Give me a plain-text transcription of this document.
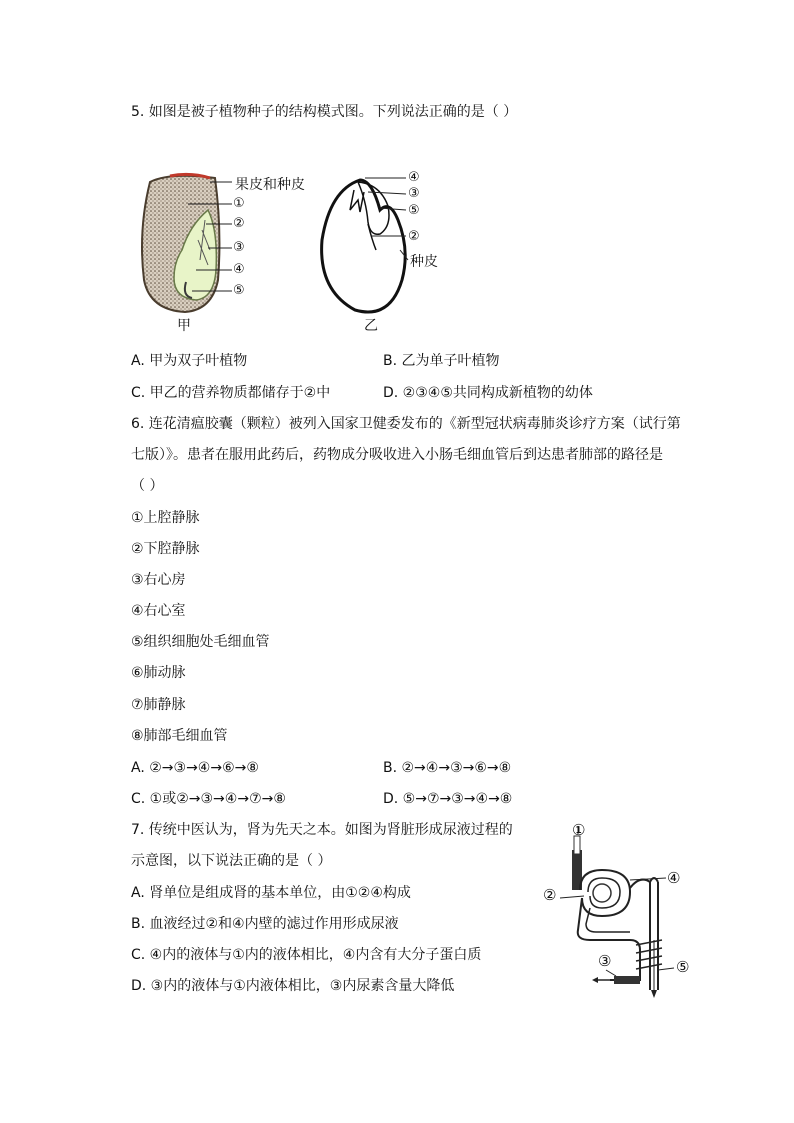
5. 如图是被子植物种子的结构模式图。下列说法正确的是（ ）
果皮和种皮
①
②
③
④
⑤
甲
④
③
⑤
②
种皮
乙
A. 甲为双子叶植物	B. 乙为单子叶植物
C. 甲乙的营养物质都储存于②中	D. ②③④⑤共同构成新植物的幼体
6. 连花清瘟胶囊（颗粒）被列入国家卫健委发布的《新型冠状病毒肺炎诊疗方案（试行第
七版）》。患者在服用此药后，药物成分吸收进入小肠毛细血管后到达患者肺部的路径是
（ ）
①上腔静脉
②下腔静脉
③右心房
④右心室
⑤组织细胞处毛细血管
⑥肺动脉
⑦肺静脉
⑧肺部毛细血管
A. ②→③→④→⑥→⑧	B. ②→④→③→⑥→⑧
C. ①或②→③→④→⑦→⑧	D. ⑤→⑦→③→④→⑧
7. 传统中医认为，肾为先天之本。如图为肾脏形成尿液过程的
示意图，以下说法正确的是（ ）
A. 肾单位是组成肾的基本单位，由①②④构成
B. 血液经过②和④内壁的滤过作用形成尿液
C. ④内的液体与①内的液体相比，④内含有大分子蛋白质
D. ③内的液体与①内液体相比，③内尿素含量大降低
①
②
④
③	⑤
